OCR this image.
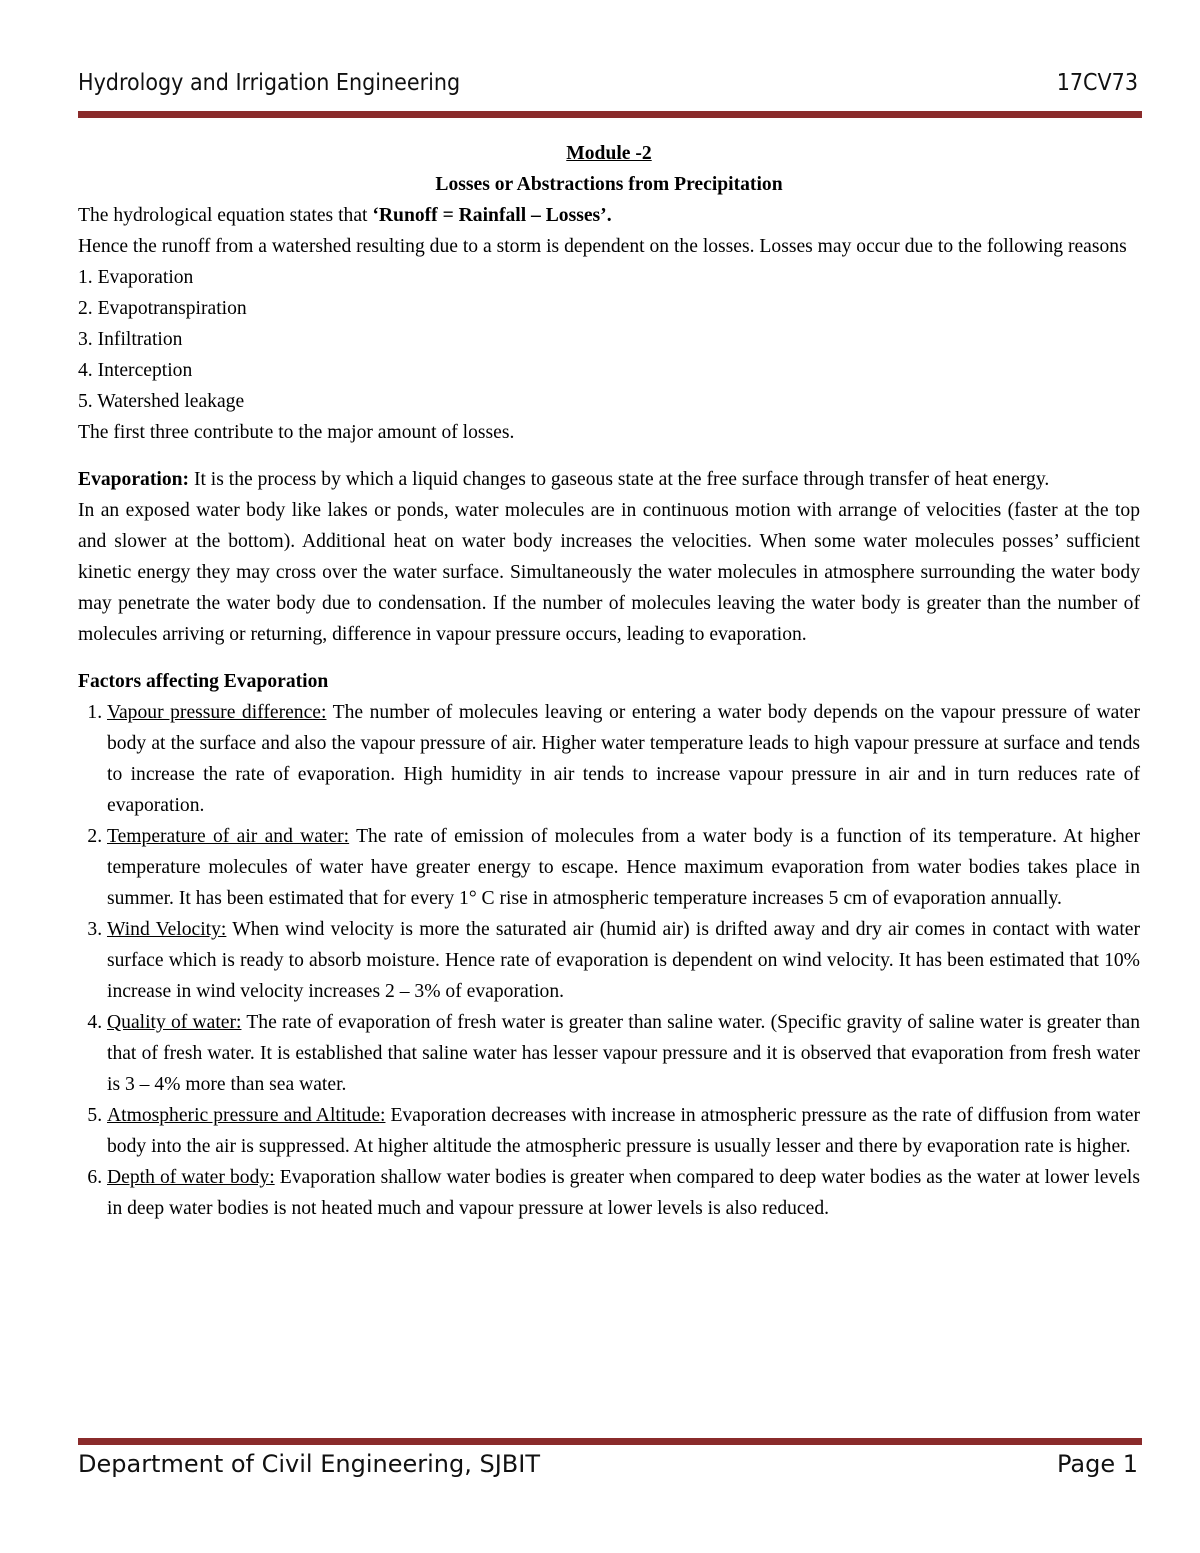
Hydrology and Irrigation Engineering	17CV73

Module -2

Losses or Abstractions from Precipitation

The hydrological equation states that ‘Runoff = Rainfall – Losses’.

Hence the runoff from a watershed resulting due to a storm is dependent on the losses. Losses may occur due to the following reasons

1. Evaporation

2. Evapotranspiration

3. Infiltration

4. Interception

5. Watershed leakage

The first three contribute to the major amount of losses.

Evaporation: It is the process by which a liquid changes to gaseous state at the free surface through transfer of heat energy.

In an exposed water body like lakes or ponds, water molecules are in continuous motion with arrange of velocities (faster at the top and slower at the bottom). Additional heat on water body increases the velocities. When some water molecules posses’ sufficient kinetic energy they may cross over the water surface. Simultaneously the water molecules in atmosphere surrounding the water body may penetrate the water body due to condensation. If the number of molecules leaving the water body is greater than the number of molecules arriving or returning, difference in vapour pressure occurs, leading to evaporation.

Factors affecting Evaporation

1. Vapour pressure difference: The number of molecules leaving or entering a water body depends on the vapour pressure of water body at the surface and also the vapour pressure of air. Higher water temperature leads to high vapour pressure at surface and tends to increase the rate of evaporation. High humidity in air tends to increase vapour pressure in air and in turn reduces rate of evaporation.
2. Temperature of air and water: The rate of emission of molecules from a water body is a function of its temperature. At higher temperature molecules of water have greater energy to escape. Hence maximum evaporation from water bodies takes place in summer. It has been estimated that for every 1° C rise in atmospheric temperature increases 5 cm of evaporation annually.
3. Wind Velocity: When wind velocity is more the saturated air (humid air) is drifted away and dry air comes in contact with water surface which is ready to absorb moisture. Hence rate of evaporation is dependent on wind velocity. It has been estimated that 10% increase in wind velocity increases 2 – 3% of evaporation.
4. Quality of water: The rate of evaporation of fresh water is greater than saline water. (Specific gravity of saline water is greater than that of fresh water. It is established that saline water has lesser vapour pressure and it is observed that evaporation from fresh water is 3 – 4% more than sea water.
5. Atmospheric pressure and Altitude: Evaporation decreases with increase in atmospheric pressure as the rate of diffusion from water body into the air is suppressed. At higher altitude the atmospheric pressure is usually lesser and there by evaporation rate is higher.
6. Depth of water body: Evaporation shallow water bodies is greater when compared to deep water bodies as the water at lower levels in deep water bodies is not heated much and vapour pressure at lower levels is also reduced.
Department of Civil Engineering, SJBIT	Page 1
